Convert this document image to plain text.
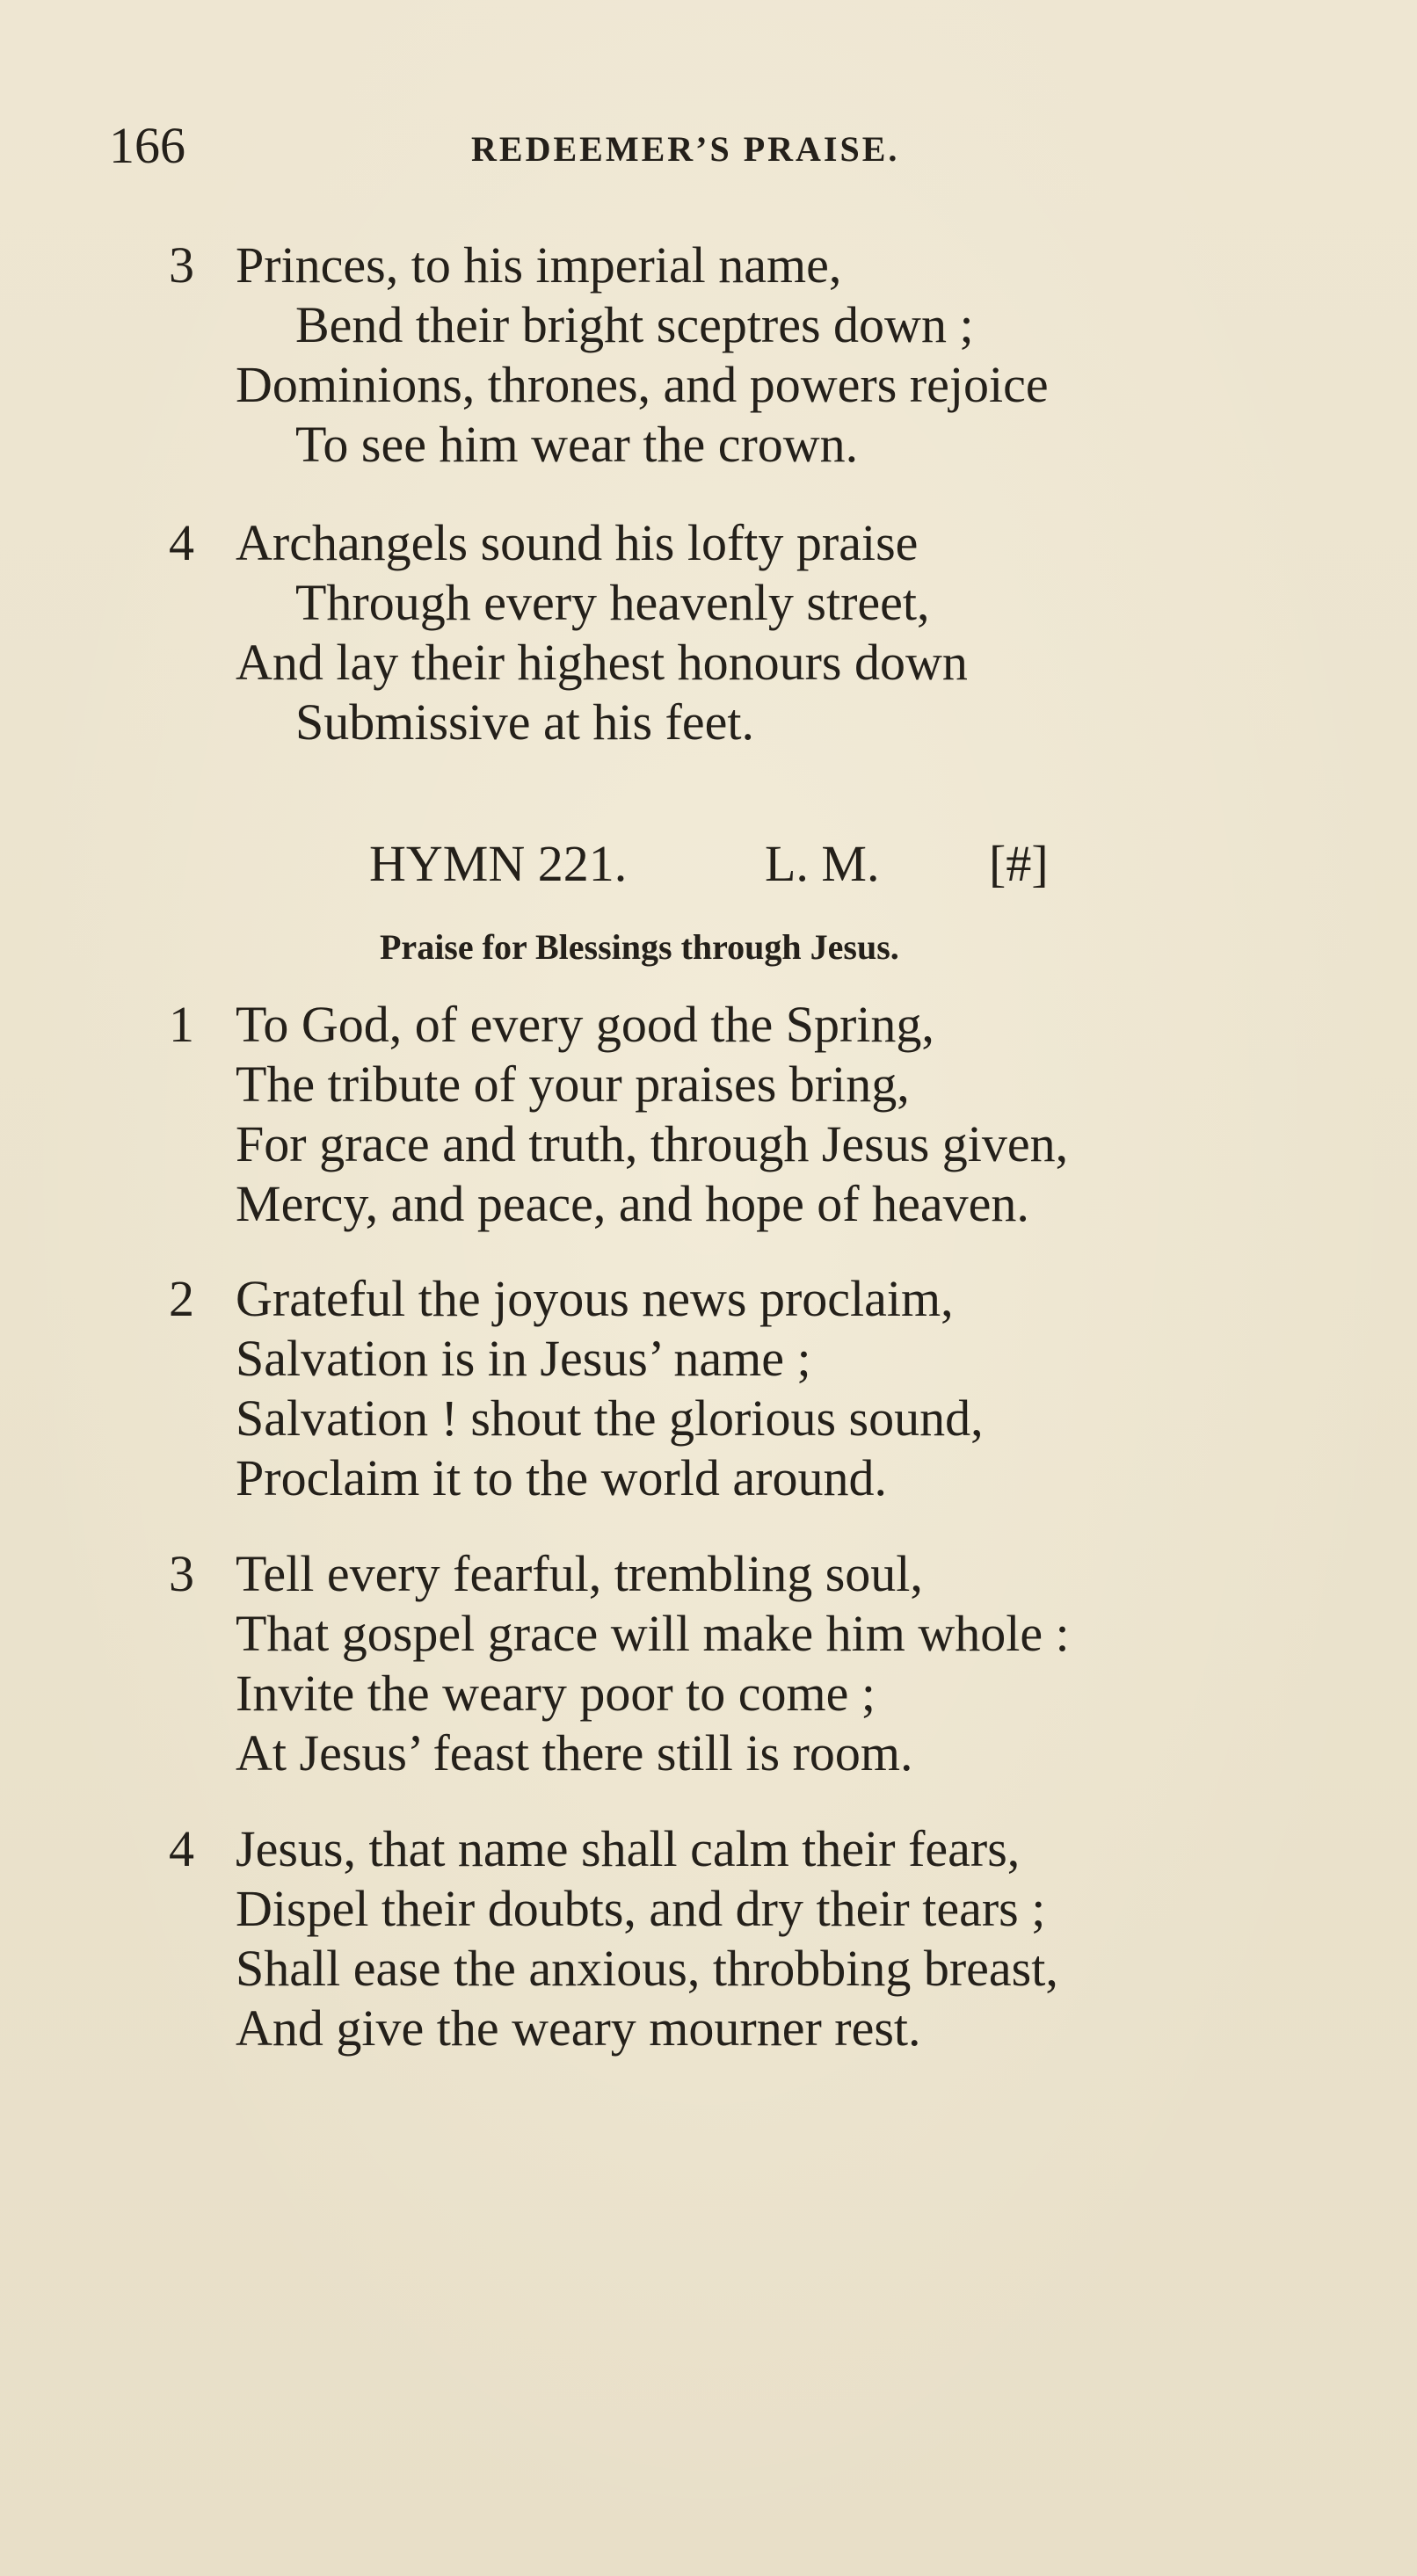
166	REDEEMER’S PRAISE.
3 Princes, to his imperial name,
Bend their bright sceptres down ;
Dominions, thrones, and powers rejoice
To see him wear the crown.
4 Archangels sound his lofty praise
Through every heavenly street,
And lay their highest honours down
Submissive at his feet.
HYMN 221.	L. M. [#]
Praise for Blessings through Jesus.
1 To God, of every good the Spring,
The tribute of your praises bring,
For grace and truth, through Jesus given,
Mercy, and peace, and hope of heaven.
2 Grateful the joyous news proclaim,
Salvation is in Jesus’ name ;
Salvation ! shout the glorious sound,
Proclaim it to the world around.
3 Tell every fearful, trembling soul,
That gospel grace will make him whole :
Invite the weary poor to come ;
At Jesus’ feast there still is room.
4 Jesus, that name shall calm their fears,
Dispel their doubts, and dry their tears ;
Shall ease the anxious, throbbing breast,
And give the weary mourner rest.
